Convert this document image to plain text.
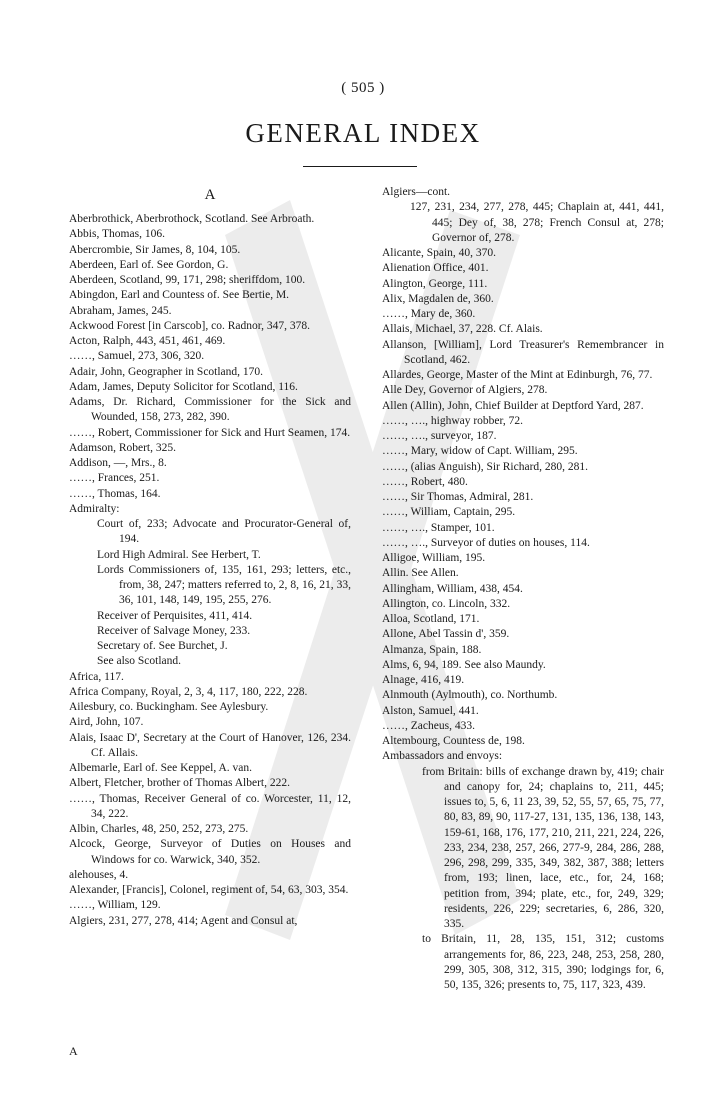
( 505 )
GENERAL INDEX
A
Aberbrothick, Aberbrothock, Scotland. See Arbroath.
Abbis, Thomas, 106.
Abercrombie, Sir James, 8, 104, 105.
Aberdeen, Earl of. See Gordon, G.
Aberdeen, Scotland, 99, 171, 298; sheriffdom, 100.
Abingdon, Earl and Countess of. See Bertie, M.
Abraham, James, 245.
Ackwood Forest [in Carscob], co. Radnor, 347, 378.
Acton, Ralph, 443, 451, 461, 469.
……, Samuel, 273, 306, 320.
Adair, John, Geographer in Scotland, 170.
Adam, James, Deputy Solicitor for Scotland, 116.
Adams, Dr. Richard, Commissioner for the Sick and Wounded, 158, 273, 282, 390.
……, Robert, Commissioner for Sick and Hurt Seamen, 174.
Adamson, Robert, 325.
Addison, —, Mrs., 8.
……, Frances, 251.
……, Thomas, 164.
Admiralty:
Court of, 233; Advocate and Procurator-General of, 194.
Lord High Admiral. See Herbert, T.
Lords Commissioners of, 135, 161, 293; letters, etc., from, 38, 247; matters referred to, 2, 8, 16, 21, 33, 36, 101, 148, 149, 195, 255, 276.
Receiver of Perquisites, 411, 414.
Receiver of Salvage Money, 233.
Secretary of. See Burchet, J.
See also Scotland.
Africa, 117.
Africa Company, Royal, 2, 3, 4, 117, 180, 222, 228.
Ailesbury, co. Buckingham. See Aylesbury.
Aird, John, 107.
Alais, Isaac D', Secretary at the Court of Hanover, 126, 234. Cf. Allais.
Albemarle, Earl of. See Keppel, A. van.
Albert, Fletcher, brother of Thomas Albert, 222.
……, Thomas, Receiver General of co. Worcester, 11, 12, 34, 222.
Albin, Charles, 48, 250, 252, 273, 275.
Alcock, George, Surveyor of Duties on Houses and Windows for co. Warwick, 340, 352.
alehouses, 4.
Alexander, [Francis], Colonel, regiment of, 54, 63, 303, 354.
……, William, 129.
Algiers, 231, 277, 278, 414; Agent and Consul at,
Algiers—cont.
127, 231, 234, 277, 278, 445; Chaplain at, 441, 441, 445; Dey of, 38, 278; French Consul at, 278; Governor of, 278.
Alicante, Spain, 40, 370.
Alienation Office, 401.
Alington, George, 111.
Alix, Magdalen de, 360.
……, Mary de, 360.
Allais, Michael, 37, 228. Cf. Alais.
Allanson, [William], Lord Treasurer's Remembrancer in Scotland, 462.
Allardes, George, Master of the Mint at Edinburgh, 76, 77.
Alle Dey, Governor of Algiers, 278.
Allen (Allin), John, Chief Builder at Deptford Yard, 287.
……, …., highway robber, 72.
……, …., surveyor, 187.
……, Mary, widow of Capt. William, 295.
……, (alias Anguish), Sir Richard, 280, 281.
……, Robert, 480.
……, Sir Thomas, Admiral, 281.
……, William, Captain, 295.
……, …., Stamper, 101.
……, …., Surveyor of duties on houses, 114.
Alligoe, William, 195.
Allin. See Allen.
Allingham, William, 438, 454.
Allington, co. Lincoln, 332.
Alloa, Scotland, 171.
Allone, Abel Tassin d', 359.
Almanza, Spain, 188.
Alms, 6, 94, 189. See also Maundy.
Alnage, 416, 419.
Alnmouth (Aylmouth), co. Northumb.
Alston, Samuel, 441.
……, Zacheus, 433.
Altembourg, Countess de, 198.
Ambassadors and envoys:
from Britain: bills of exchange drawn by, 419; chair and canopy for, 24; chaplains to, 211, 445; issues to, 5, 6, 11 23, 39, 52, 55, 57, 65, 75, 77, 80, 83, 89, 90, 117-27, 131, 135, 136, 138, 143, 159-61, 168, 176, 177, 210, 211, 221, 224, 226, 233, 234, 238, 257, 266, 277-9, 284, 286, 288, 296, 298, 299, 335, 349, 382, 387, 388; letters from, 193; linen, lace, etc., for, 24, 168; petition from, 394; plate, etc., for, 249, 329; residents, 226, 229; secretaries, 6, 286, 320, 335.
to Britain, 11, 28, 135, 151, 312; customs arrangements for, 86, 223, 248, 253, 258, 280, 299, 305, 308, 312, 315, 390; lodgings for, 6, 50, 135, 326; presents to, 75, 117, 323, 439.
A
